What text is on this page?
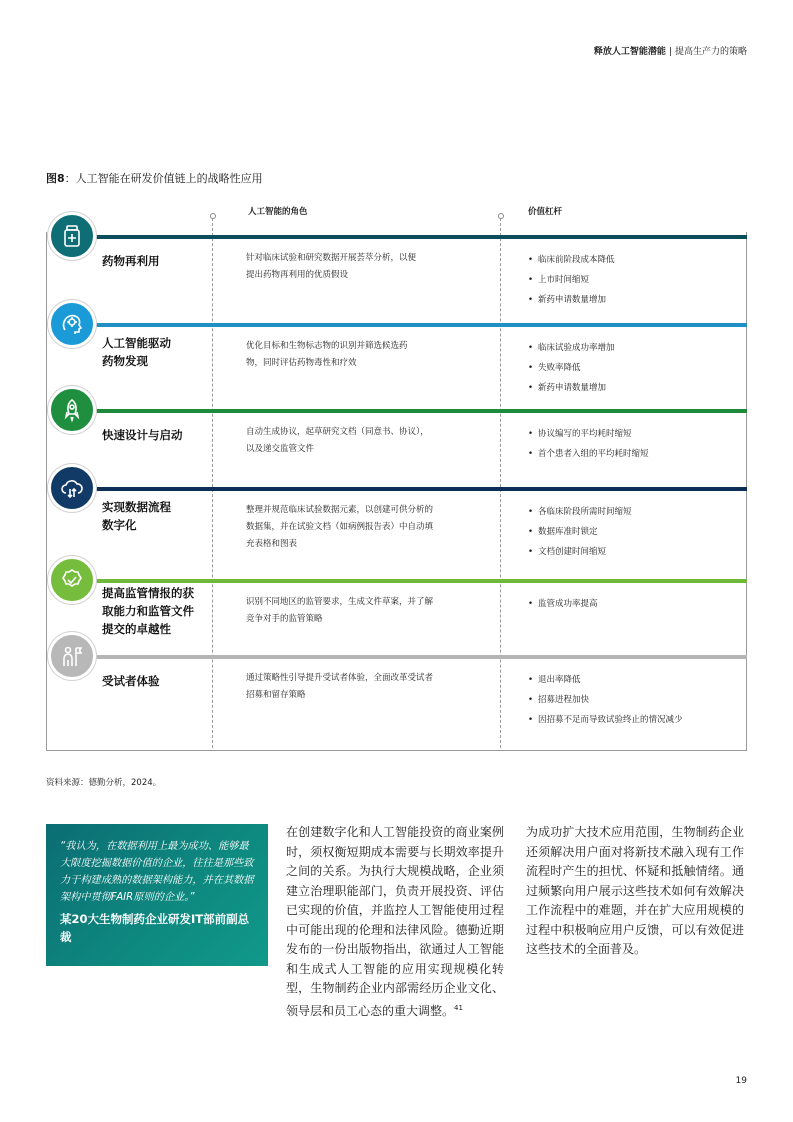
释放人工智能潜能 | 提高生产力的策略
图8：人工智能在研发价值链上的战略性应用
人工智能的角色	价值杠杆
药物再利用	针对临床试验和研究数据开展荟萃分析，以便
提出药物再利用的优质假设
• 临床前阶段成本降低
• 上市时间缩短
• 新药申请数量增加
人工智能驱动
药物发现
优化目标和生物标志物的识别并筛选候选药
物，同时评估药物毒性和疗效
• 临床试验成功率增加
• 失败率降低
• 新药申请数量增加
快速设计与启动	自动生成协议，起草研究文档（同意书、协议），
以及递交监管文件
• 协议编写的平均耗时缩短
• 首个患者入组的平均耗时缩短
实现数据流程
数字化
整理并规范临床试验数据元素，以创建可供分析的
数据集，并在试验文档（如病例报告表）中自动填
充表格和图表
• 各临床阶段所需时间缩短
• 数据库准时锁定
• 文档创建时间缩短
提高监管情报的获
取能力和监管文件
提交的卓越性
识别不同地区的监管要求，生成文件草案，并了解
竞争对手的监管策略
• 监管成功率提高
受试者体验	通过策略性引导提升受试者体验，全面改革受试者
招募和留存策略
• 退出率降低
• 招募进程加快
• 因招募不足而导致试验终止的情况减少
资料来源：德勤分析，2024。
“我认为，在数据利用上最为成功、能够最大限度挖掘数据价值的企业，往往是那些致力于构建成熟的数据架构能力，并在其数据架构中贯彻FAIR原则的企业。”
某20大生物制药企业研发IT部前副总裁
在创建数字化和人工智能投资的商业案例时，须权衡短期成本需要与长期效率提升之间的关系。为执行大规模战略，企业须建立治理职能部门，负责开展投资、评估已实现的价值，并监控人工智能使用过程中可能出现的伦理和法律风险。德勤近期发布的一份出版物指出，欲通过人工智能和生成式人工智能的应用实现规模化转型，生物制药企业内部需经历企业文化、领导层和员工心态的重大调整。$^{41}$
为成功扩大技术应用范围，生物制药企业还须解决用户面对将新技术融入现有工作流程时产生的担忧、怀疑和抵触情绪。通过频繁向用户展示这些技术如何有效解决工作流程中的难题，并在扩大应用规模的过程中积极响应用户反馈，可以有效促进这些技术的全面普及。
19
